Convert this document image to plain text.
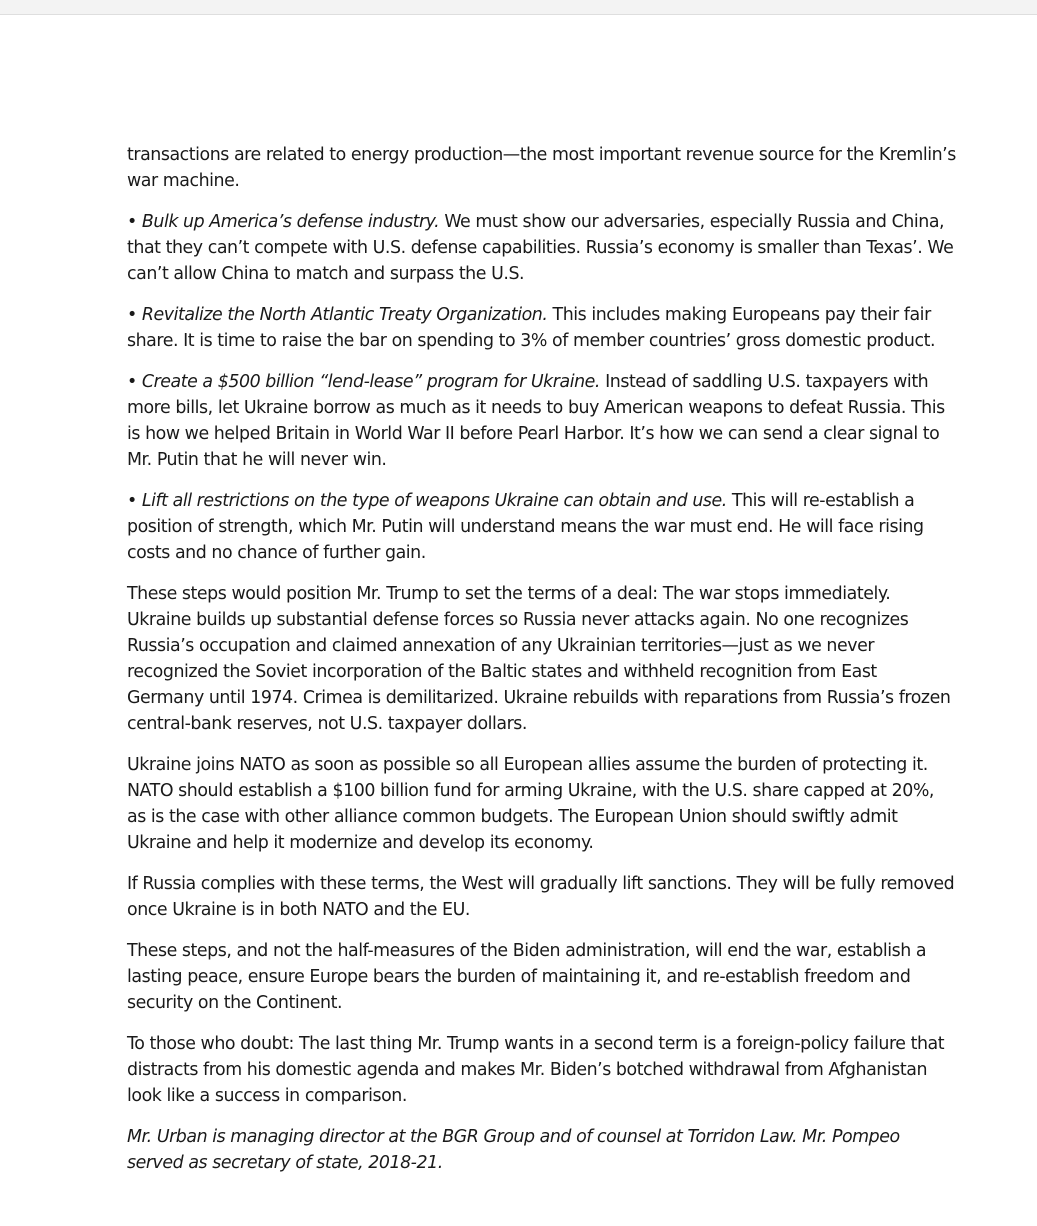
transactions are related to energy production—the most important revenue source for the Kremlin’s war machine.

• Bulk up America’s defense industry. We must show our adversaries, especially Russia and China, that they can’t compete with U.S. defense capabilities. Russia’s economy is smaller than Texas’. We can’t allow China to match and surpass the U.S.

• Revitalize the North Atlantic Treaty Organization. This includes making Europeans pay their fair share. It is time to raise the bar on spending to 3% of member countries’ gross domestic product.

• Create a $500 billion “lend-lease” program for Ukraine. Instead of saddling U.S. taxpayers with more bills, let Ukraine borrow as much as it needs to buy American weapons to defeat Russia. This is how we helped Britain in World War II before Pearl Harbor. It’s how we can send a clear signal to Mr. Putin that he will never win.

• Lift all restrictions on the type of weapons Ukraine can obtain and use. This will re-establish a position of strength, which Mr. Putin will understand means the war must end. He will face rising costs and no chance of further gain.

These steps would position Mr. Trump to set the terms of a deal: The war stops immediately. Ukraine builds up substantial defense forces so Russia never attacks again. No one recognizes Russia’s occupation and claimed annexation of any Ukrainian territories—just as we never recognized the Soviet incorporation of the Baltic states and withheld recognition from East Germany until 1974. Crimea is demilitarized. Ukraine rebuilds with reparations from Russia’s frozen central-bank reserves, not U.S. taxpayer dollars.

Ukraine joins NATO as soon as possible so all European allies assume the burden of protecting it. NATO should establish a $100 billion fund for arming Ukraine, with the U.S. share capped at 20%, as is the case with other alliance common budgets. The European Union should swiftly admit Ukraine and help it modernize and develop its economy.

If Russia complies with these terms, the West will gradually lift sanctions. They will be fully removed once Ukraine is in both NATO and the EU.

These steps, and not the half-measures of the Biden administration, will end the war, establish a lasting peace, ensure Europe bears the burden of maintaining it, and re-establish freedom and security on the Continent.

To those who doubt: The last thing Mr. Trump wants in a second term is a foreign-policy failure that distracts from his domestic agenda and makes Mr. Biden’s botched withdrawal from Afghanistan look like a success in comparison.

Mr. Urban is managing director at the BGR Group and of counsel at Torridon Law. Mr. Pompeo served as secretary of state, 2018-21.
